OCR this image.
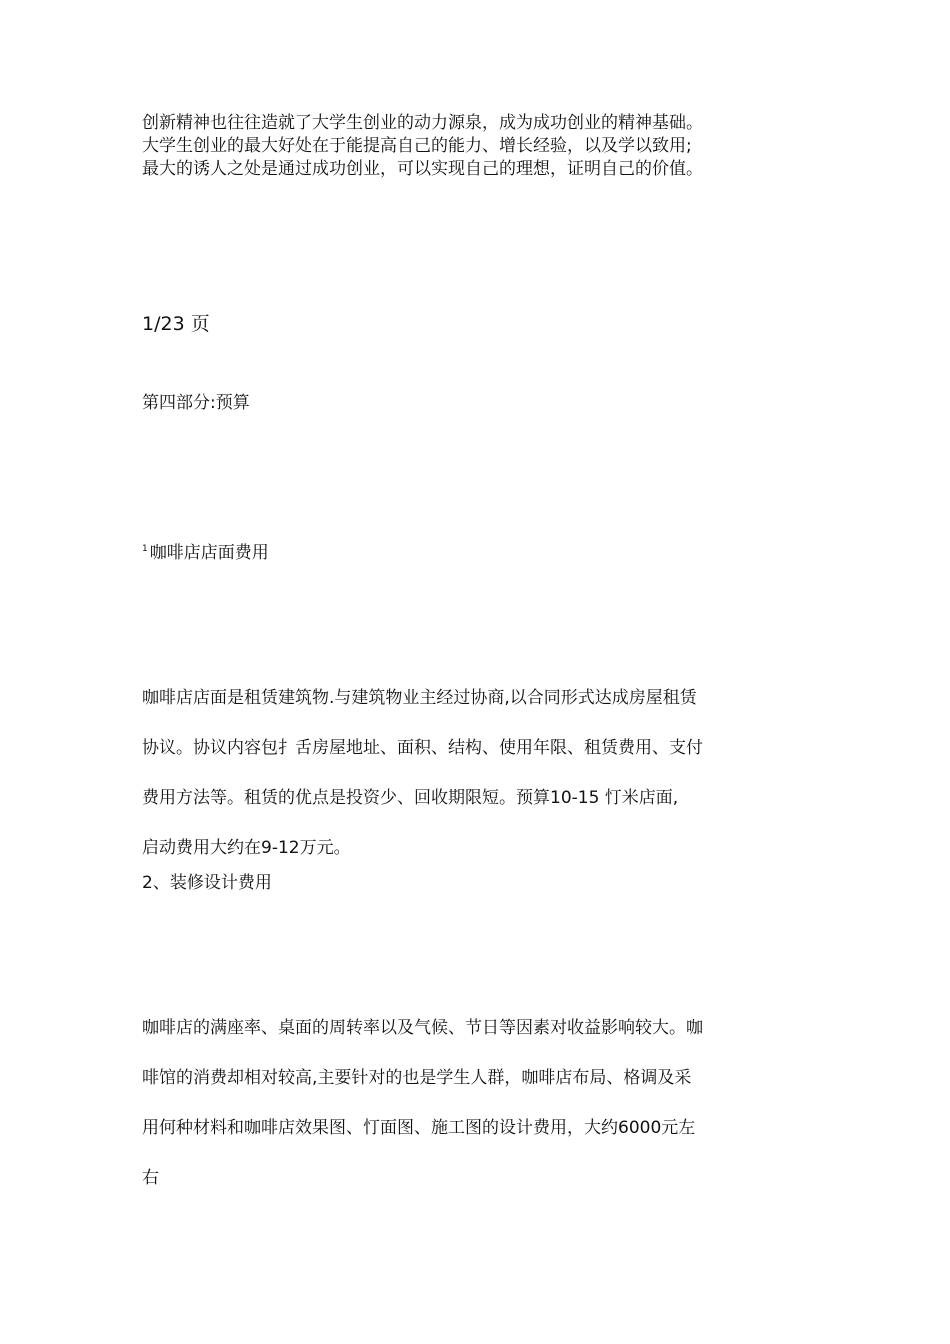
创新精神也往往造就了大学生创业的动力源泉，成为成功创业的精神基础。
大学生创业的最大好处在于能提高自己的能力、增长经验，以及学以致用;
最大的诱人之处是通过成功创业，可以实现自己的理想，证明自己的价值。
1/23 页
第四部分:预算
$^1$ 咖啡店店面费用
咖啡店店面是租赁建筑物.与建筑物业主经过协商,以合同形式达成房屋租赁
协议。协议内容包扌舌房屋地址、面积、结构、使用年限、租赁费用、支付
费用方法等。租赁的优点是投资少、回收期限短。预算10-15 忊米店面,
启动费用大约在9-12万元。
2、装修设计费用
咖啡店的满座率、桌面的周转率以及气候、节日等因素对收益影响较大。咖
啡馆的消费却相对较高,主要针对的也是学生人群，咖啡店布局、格调及采
用何种材料和咖啡店效果图、忊面图、施工图的设计费用，大约6000元左
右
